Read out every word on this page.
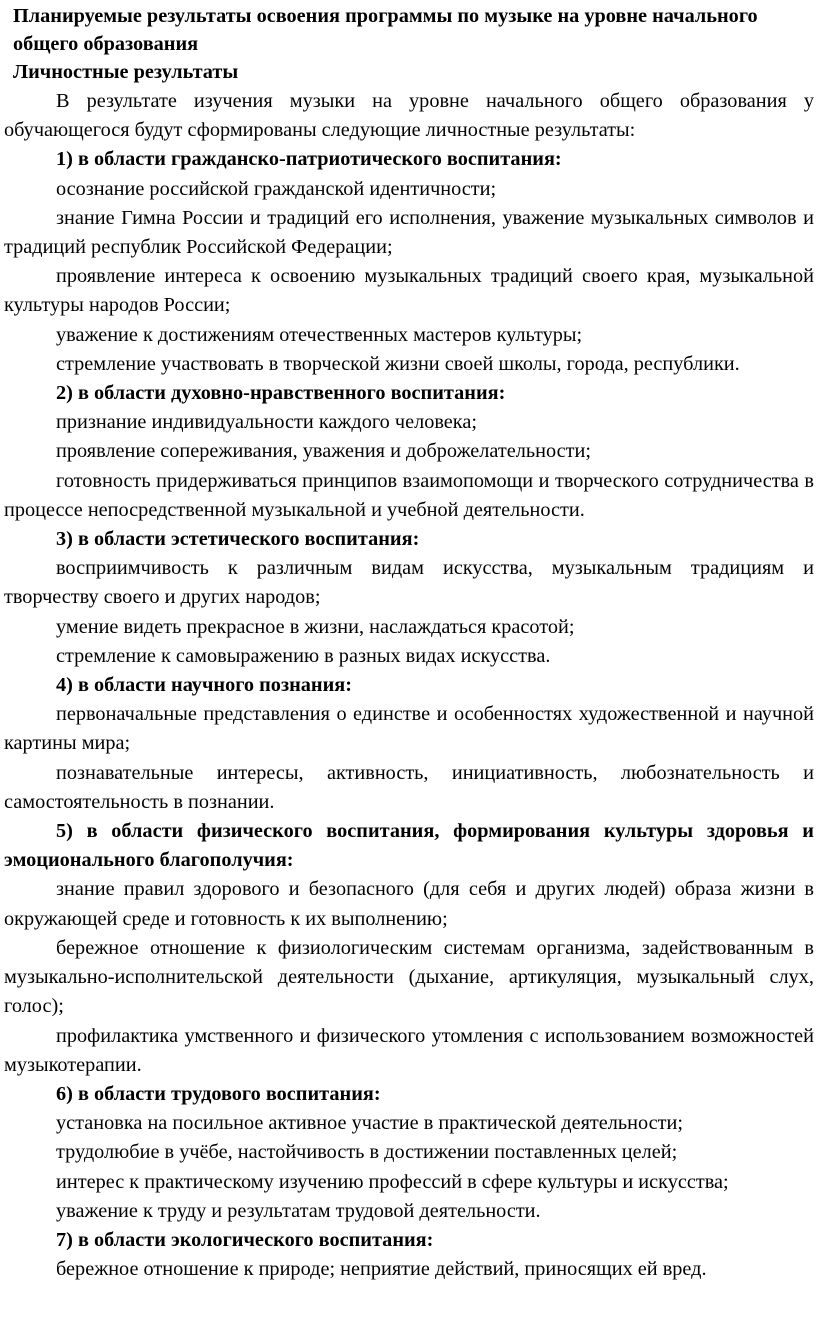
Планируемые результаты освоения программы по музыке на уровне начального общего образования

Личностные результаты

В результате изучения музыки на уровне начального общего образования у обучающегося будут сформированы следующие личностные результаты:

1) в области гражданско-патриотического воспитания:

осознание российской гражданской идентичности;

знание Гимна России и традиций его исполнения, уважение музыкальных символов и традиций республик Российской Федерации;

проявление интереса к освоению музыкальных традиций своего края, музыкальной культуры народов России;

уважение к достижениям отечественных мастеров культуры;

стремление участвовать в творческой жизни своей школы, города, республики.

2) в области духовно-нравственного воспитания:

признание индивидуальности каждого человека;

проявление сопереживания, уважения и доброжелательности;

готовность придерживаться принципов взаимопомощи и творческого сотрудничества в процессе непосредственной музыкальной и учебной деятельности.

3) в области эстетического воспитания:

восприимчивость к различным видам искусства, музыкальным традициям и творчеству своего и других народов;

умение видеть прекрасное в жизни, наслаждаться красотой;

стремление к самовыражению в разных видах искусства.

4) в области научного познания:

первоначальные представления о единстве и особенностях художественной и научной картины мира;

познавательные интересы, активность, инициативность, любознательность и самостоятельность в познании.

5) в области физического воспитания, формирования культуры здоровья и эмоционального благополучия:

знание правил здорового и безопасного (для себя и других людей) образа жизни в окружающей среде и готовность к их выполнению;

бережное отношение к физиологическим системам организма, задействованным в музыкально-исполнительской деятельности (дыхание, артикуляция, музыкальный слух, голос);

профилактика умственного и физического утомления с использованием возможностей музыкотерапии.

6) в области трудового воспитания:

установка на посильное активное участие в практической деятельности;

трудолюбие в учёбе, настойчивость в достижении поставленных целей;

интерес к практическому изучению профессий в сфере культуры и искусства;

уважение к труду и результатам трудовой деятельности.

7) в области экологического воспитания:

бережное отношение к природе; неприятие действий, приносящих ей вред.
